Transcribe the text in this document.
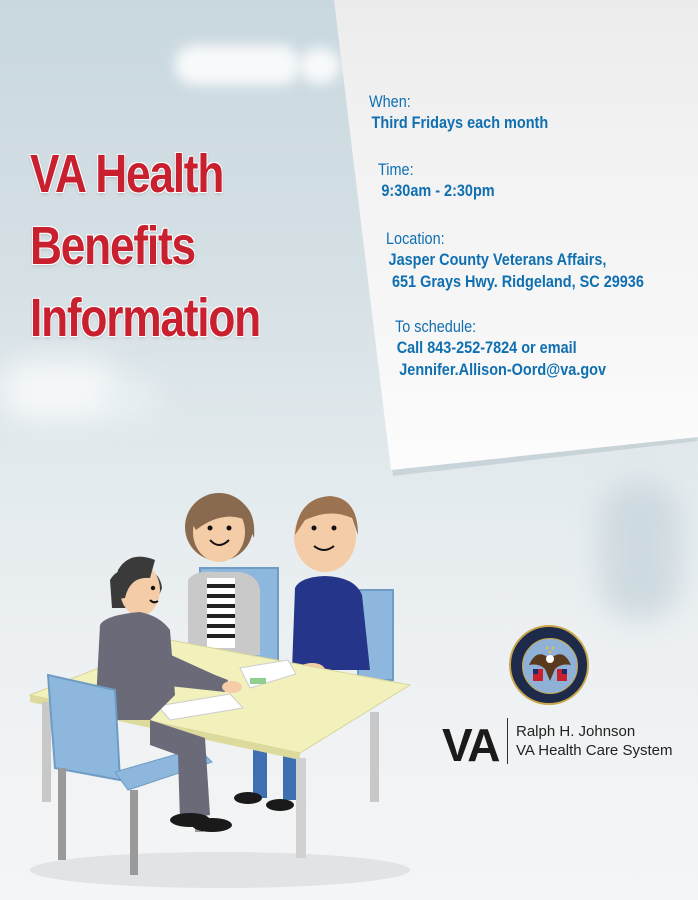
VA Health
Benefits
Information
When:
Third Fridays each month
Time:
9:30am - 2:30pm
Location:
Jasper County Veterans Affairs,
651 Grays Hwy. Ridgeland, SC 29936
To schedule:
Call 843-252-7824 or email
Jennifer.Allison-Oord@va.gov
VA Ralph H. Johnson
VA Health Care System
